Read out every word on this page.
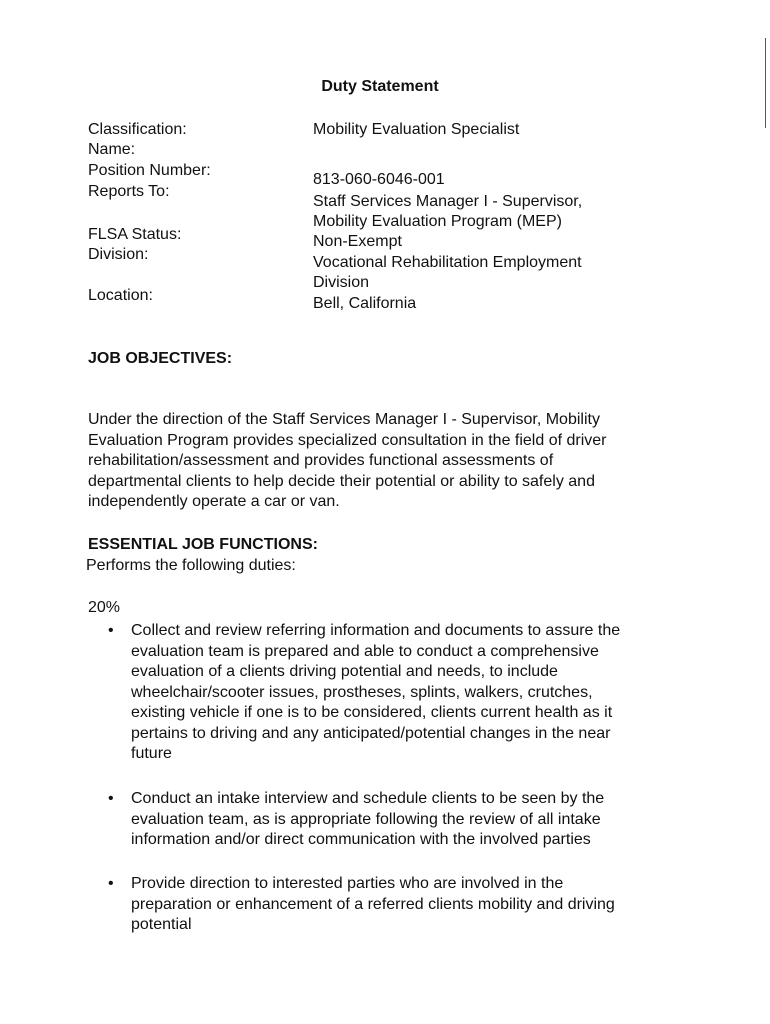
Duty Statement
Classification:
Name:
Position Number:
Reports To:
FLSA Status:
Division:
Location:
Mobility Evaluation Specialist
813-060-6046-001
Staff Services Manager I - Supervisor,
Mobility Evaluation Program (MEP)
Non-Exempt
Vocational Rehabilitation Employment
Division
Bell, California
JOB OBJECTIVES:
Under the direction of the Staff Services Manager I - Supervisor, Mobility
Evaluation Program provides specialized consultation in the field of driver
rehabilitation/assessment and provides functional assessments of
departmental clients to help decide their potential or ability to safely and
independently operate a car or van.
ESSENTIAL JOB FUNCTIONS:
Performs the following duties:
20%
• Collect and review referring information and documents to assure the
evaluation team is prepared and able to conduct a comprehensive
evaluation of a clients driving potential and needs, to include
wheelchair/scooter issues, prostheses, splints, walkers, crutches,
existing vehicle if one is to be considered, clients current health as it
pertains to driving and any anticipated/potential changes in the near
future
• Conduct an intake interview and schedule clients to be seen by the
evaluation team, as is appropriate following the review of all intake
information and/or direct communication with the involved parties
• Provide direction to interested parties who are involved in the
preparation or enhancement of a referred clients mobility and driving
potential
